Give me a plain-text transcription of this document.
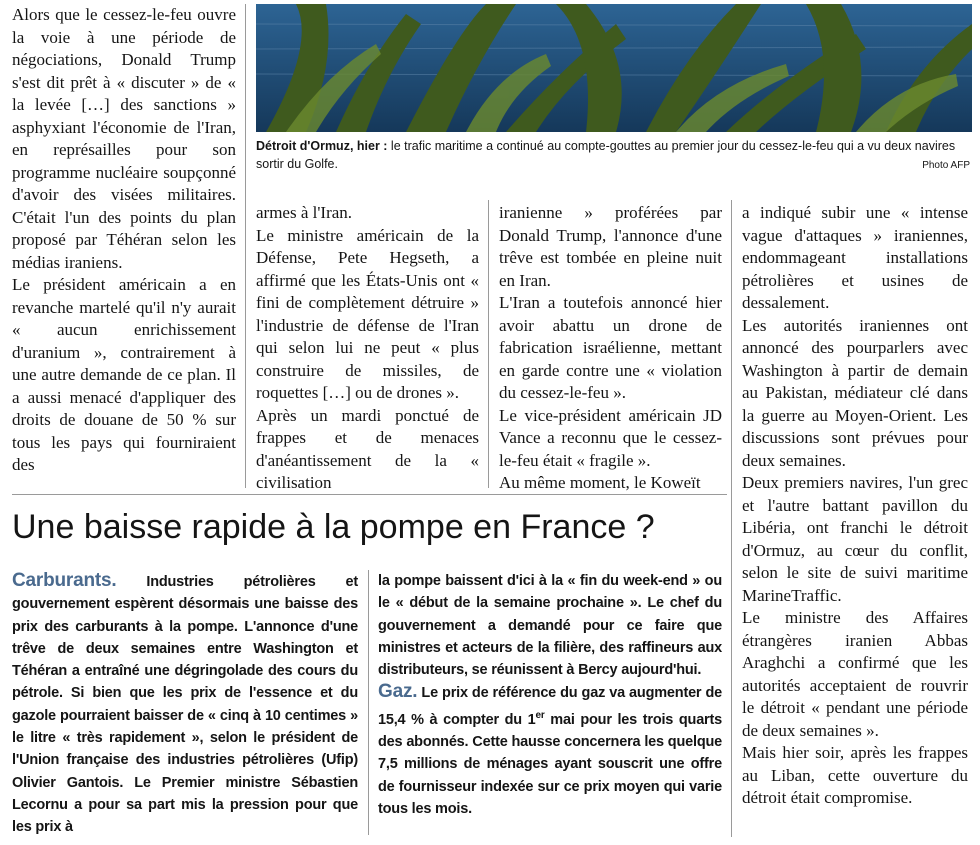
Alors que le cessez-le-feu ouvre la voie à une période de négociations, Donald Trump s'est dit prêt à « discuter » de « la levée […] des sanctions » asphyxiant l'économie de l'Iran, en représailles pour son programme nucléaire soupçonné d'avoir des visées militaires. C'était l'un des points du plan proposé par Téhéran selon les médias iraniens.

Le président américain a en revanche martelé qu'il n'y aurait « aucun enrichissement d'uranium », contrairement à une autre demande de ce plan. Il a aussi menacé d'appliquer des droits de douane de 50 % sur tous les pays qui fourniraient des

Détroit d'Ormuz, hier : le trafic maritime a continué au compte-gouttes au premier jour du cessez-le-feu qui a vu deux navires sortir du Golfe.	Photo AFP

armes à l'Iran.

Le ministre américain de la Défense, Pete Hegseth, a affirmé que les États-Unis ont « fini de complètement détruire » l'industrie de défense de l'Iran qui selon lui ne peut « plus construire de missiles, de roquettes […] ou de drones ».

Après un mardi ponctué de frappes et de menaces d'anéantissement de la « civilisation

iranienne » proférées par Donald Trump, l'annonce d'une trêve est tombée en pleine nuit en Iran.

L'Iran a toutefois annoncé hier avoir abattu un drone de fabrication israélienne, mettant en garde contre une « violation du cessez-le-feu ».

Le vice-président américain JD Vance a reconnu que le cessez-le-feu était « fragile ».

Au même moment, le Koweït

a indiqué subir une « intense vague d'attaques » iraniennes, endommageant installations pétrolières et usines de dessalement.

Les autorités iraniennes ont annoncé des pourparlers avec Washington à partir de demain au Pakistan, médiateur clé dans la guerre au Moyen-Orient. Les discussions sont prévues pour deux semaines.

Deux premiers navires, l'un grec et l'autre battant pavillon du Libéria, ont franchi le détroit d'Ormuz, au cœur du conflit, selon le site de suivi maritime MarineTraffic.

Le ministre des Affaires étrangères iranien Abbas Araghchi a confirmé que les autorités acceptaient de rouvrir le détroit « pendant une période de deux semaines ».

Mais hier soir, après les frappes au Liban, cette ouverture du détroit était compromise.

Une baisse rapide à la pompe en France ?

Carburants. Industries pétrolières et gouvernement espèrent désormais une baisse des prix des carburants à la pompe. L'annonce d'une trêve de deux semaines entre Washington et Téhéran a entraîné une dégringolade des cours du pétrole. Si bien que les prix de l'essence et du gazole pourraient baisser de « cinq à 10 centimes » le litre « très rapidement », selon le président de l'Union française des industries pétrolières (Ufip) Olivier Gantois. Le Premier ministre Sébastien Lecornu a pour sa part mis la pression pour que les prix à

la pompe baissent d'ici à la « fin du week-end » ou le « début de la semaine prochaine ». Le chef du gouvernement a demandé pour ce faire que ministres et acteurs de la filière, des raffineurs aux distributeurs, se réunissent à Bercy aujourd'hui.

Gaz. Le prix de référence du gaz va augmenter de 15,4 % à compter du 1er mai pour les trois quarts des abonnés. Cette hausse concernera les quelque 7,5 millions de ménages ayant souscrit une offre de fournisseur indexée sur ce prix moyen qui varie tous les mois.
